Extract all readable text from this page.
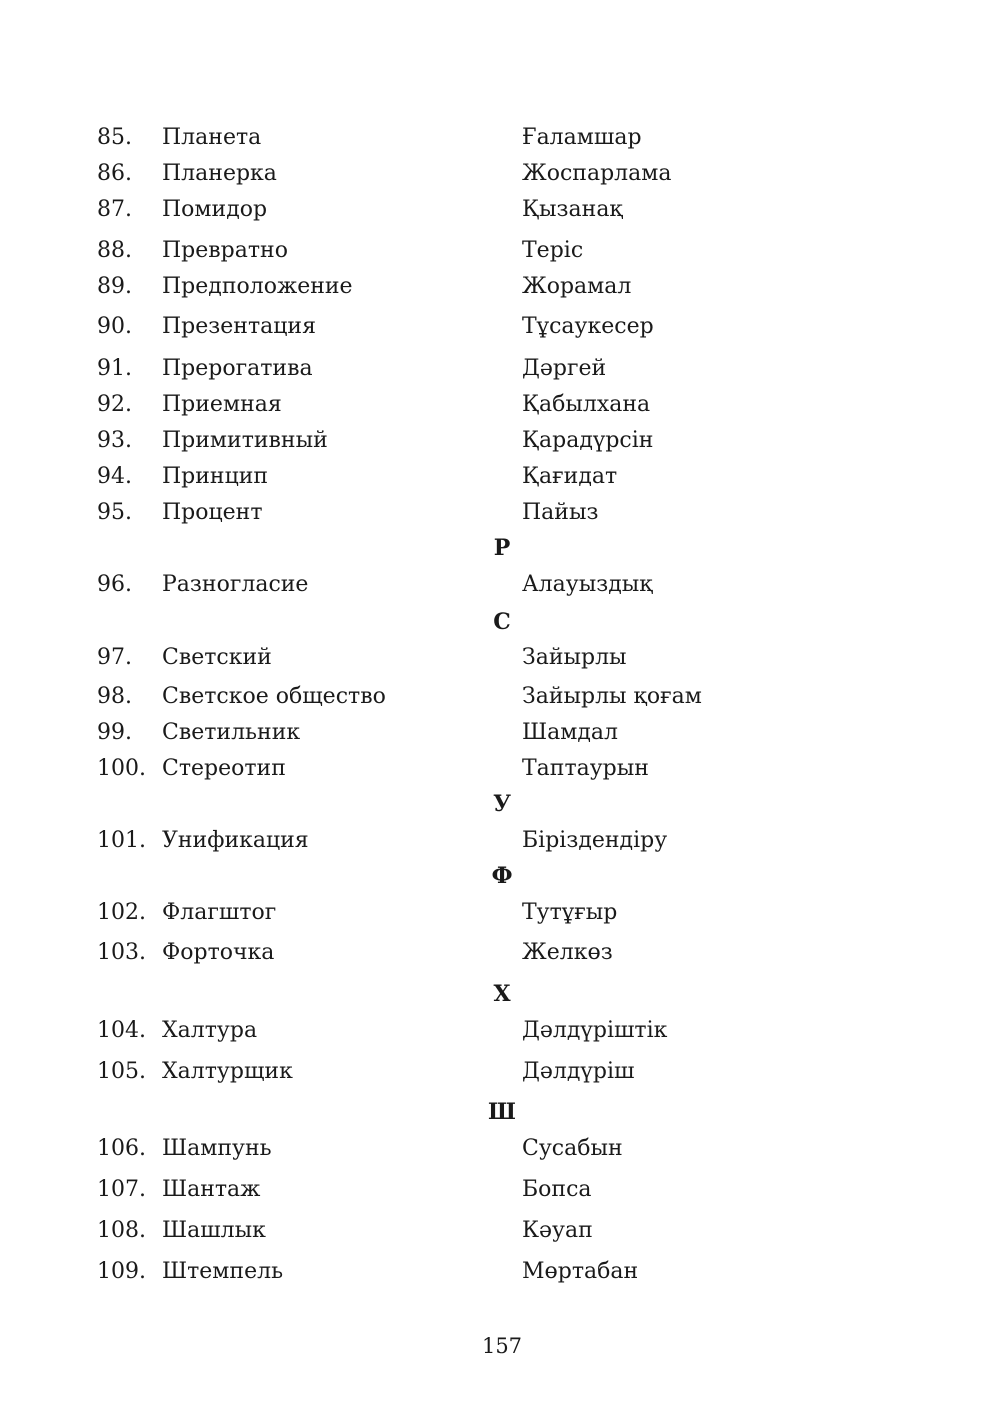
85. Планета	Ғаламшар
86. Планерка	Жоспарлама
87. Помидор	Қызанақ
88. Превратно	Теріс
89. Предположение	Жорамал
90. Презентация	Тұсаукесер
91. Прерогатива	Дәргей
92. Приемная	Қабылхана
93. Примитивный	Қарадүрсін
94. Принцип	Қағидат
95. Процент	Пайыз
Р
96. Разногласие	Алауыздық
С
97. Светский	Зайырлы
98. Светское общество	Зайырлы қоғам
99. Светильник	Шамдал
100. Стереотип	Таптаурын
У
101. Унификация	Біріздендіру
Ф
102. Флагштог	Тутұғыр
103. Форточка	Желкөз
Х
104. Халтура	Дәлдүріштік
105. Халтурщик	Дәлдүріш
Ш
106. Шампунь	Сусабын
107. Шантаж	Бопса
108. Шашлык	Кәуап
109. Штемпель	Мөртабан
157
